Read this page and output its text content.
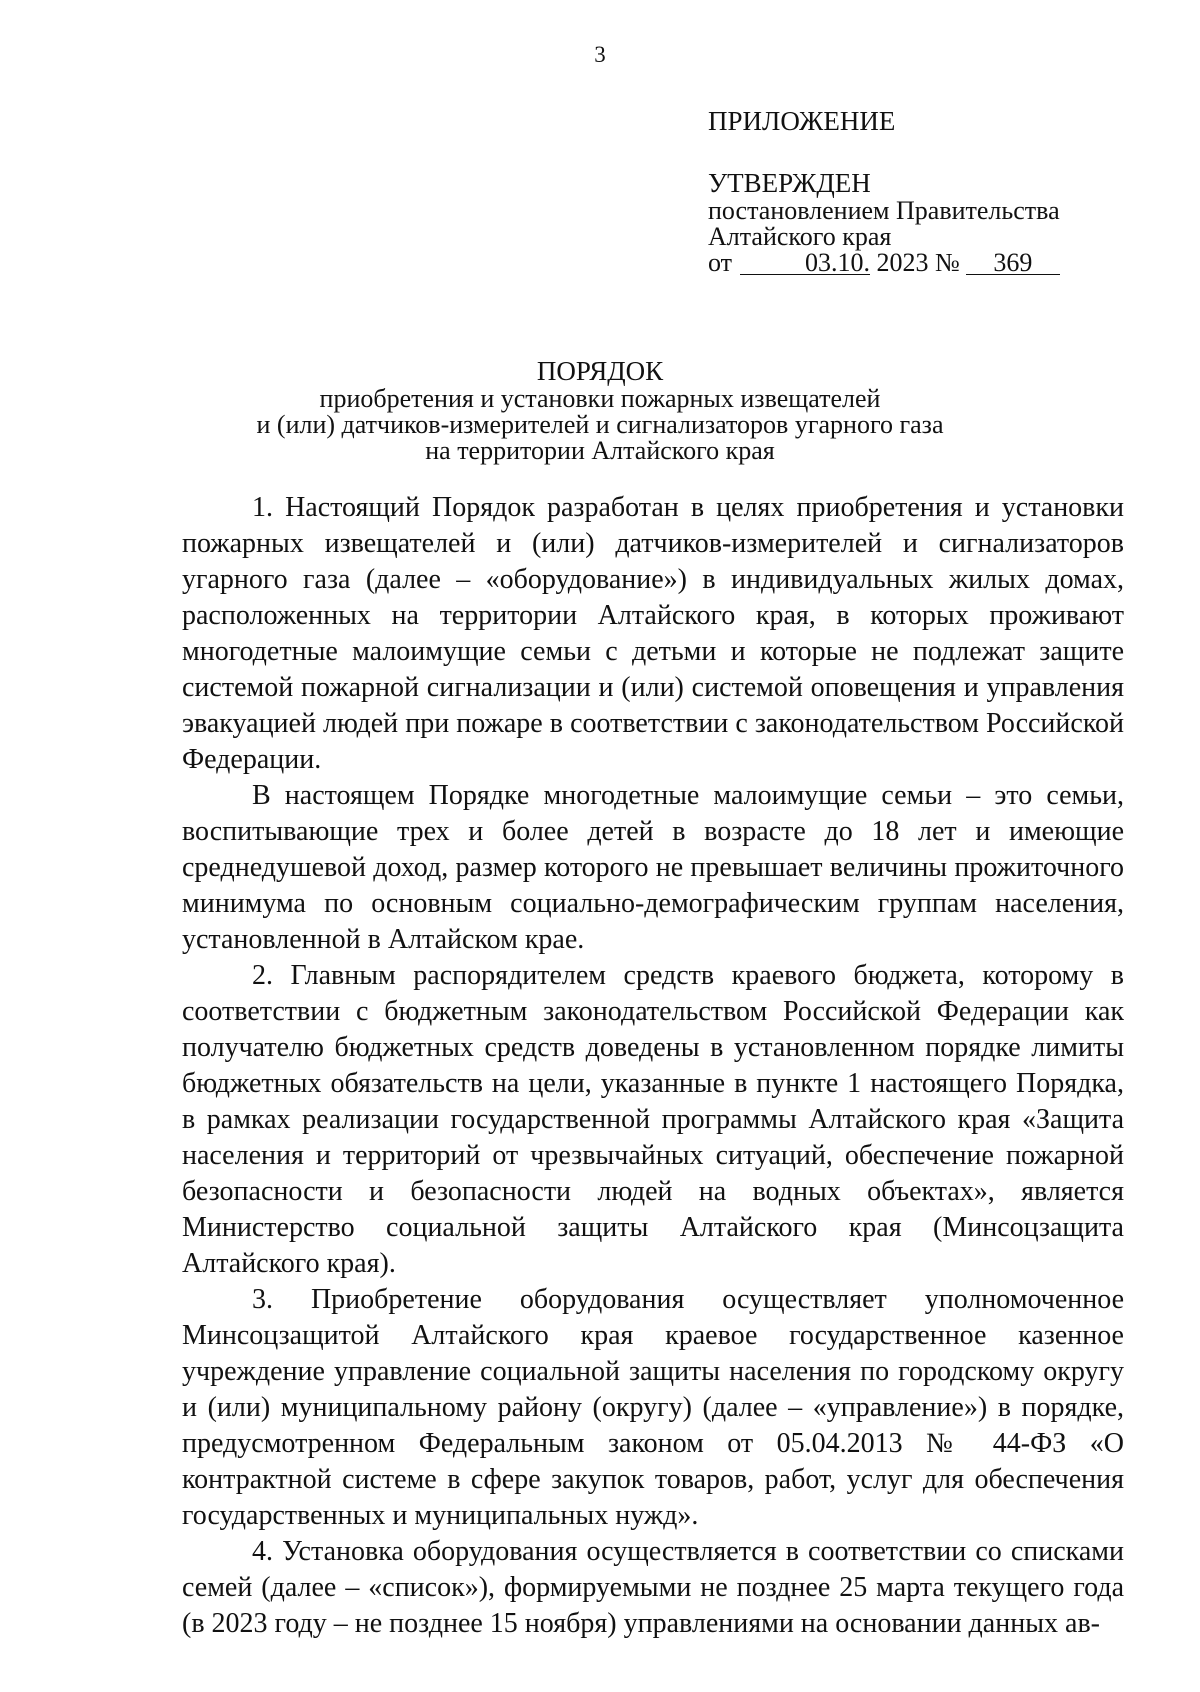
3
ПРИЛОЖЕНИЕ
УТВЕРЖДЕН
постановлением Правительства
Алтайского края
от	03.10. 2023 № 369
ПОРЯДОК
приобретения и установки пожарных извещателей
и (или) датчиков-измерителей и сигнализаторов угарного газа
на территории Алтайского края

1. Настоящий Порядок разработан в целях приобретения и установки пожарных извещателей и (или) датчиков-измерителей и сигнализаторов угарного газа (далее – «оборудование») в индивидуальных жилых домах, расположенных на территории Алтайского края, в которых проживают многодетные малоимущие семьи с детьми и которые не подлежат защите системой пожарной сигнализации и (или) системой оповещения и управления эвакуацией людей при пожаре в соответствии с законодательством Российской Федерации.

В настоящем Порядке многодетные малоимущие семьи – это семьи, воспитывающие трех и более детей в возрасте до 18 лет и имеющие среднедушевой доход, размер которого не превышает величины прожиточного минимума по основным социально-демографическим группам населения, установленной в Алтайском крае.

2. Главным распорядителем средств краевого бюджета, которому в соответствии с бюджетным законодательством Российской Федерации как получателю бюджетных средств доведены в установленном порядке лимиты бюджетных обязательств на цели, указанные в пункте 1 настоящего Порядка, в рамках реализации государственной программы Алтайского края «Защита населения и территорий от чрезвычайных ситуаций, обеспечение пожарной безопасности и безопасности людей на водных объектах», является Министерство социальной защиты Алтайского края (Минсоцзащита Алтайского края).

3. Приобретение оборудования осуществляет уполномоченное Минсоцзащитой Алтайского края краевое государственное казенное учреждение управление социальной защиты населения по городскому округу и (или) муниципальному району (округу) (далее – «управление») в порядке, предусмотренном Федеральным законом от 05.04.2013 № 44-ФЗ «О контрактной системе в сфере закупок товаров, работ, услуг для обеспечения государственных и муниципальных нужд».

4. Установка оборудования осуществляется в соответствии со списками семей (далее – «список»), формируемыми не позднее 25 марта текущего года (в 2023 году – не позднее 15 ноября) управлениями на основании данных ав-
